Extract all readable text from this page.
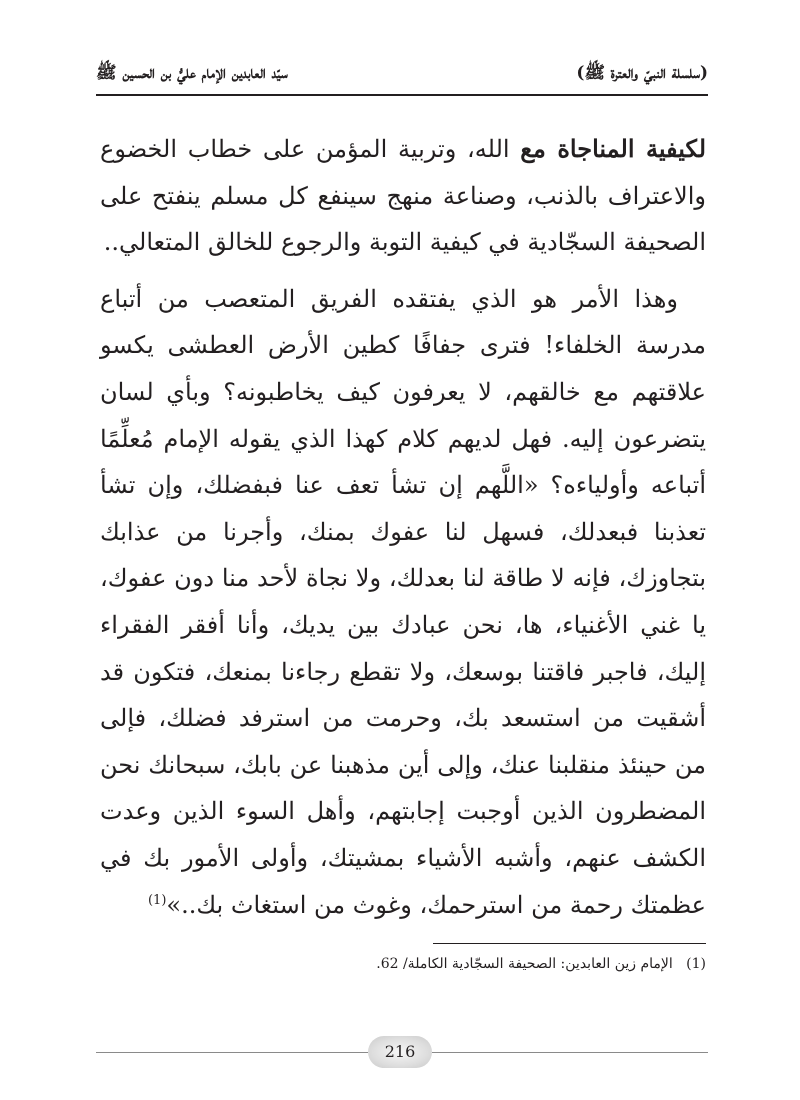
(سلسلة النبيّ والعترة ﷺ)
سيّد العابدين الإمام عليُّ بن الحسين ﷺ

لكيفية المناجاة مع الله، وتربية المؤمن على خطاب الخضوع والاعتراف بالذنب، وصناعة منهج سينفع كل مسلم ينفتح على الصحيفة السجّادية في كيفية التوبة والرجوع للخالق المتعالي..

وهذا الأمر هو الذي يفتقده الفريق المتعصب من أتباع مدرسة الخلفاء! فترى جفافًا كطين الأرض العطشى يكسو علاقتهم مع خالقهم، لا يعرفون كيف يخاطبونه؟ وبأي لسان يتضرعون إليه. فهل لديهم كلام كهذا الذي يقوله الإمام مُعلِّمًا أتباعه وأولياءه؟ «اللَّهم إن تشأ تعف عنا فبفضلك، وإن تشأ تعذبنا فبعدلك، فسهل لنا عفوك بمنك، وأجرنا من عذابك بتجاوزك، فإنه لا طاقة لنا بعدلك، ولا نجاة لأحد منا دون عفوك، يا غني الأغنياء، ها، نحن عبادك بين يديك، وأنا أفقر الفقراء إليك، فاجبر فاقتنا بوسعك، ولا تقطع رجاءنا بمنعك، فتكون قد أشقيت من استسعد بك، وحرمت من استرفد فضلك، فإلى من حينئذ منقلبنا عنك، وإلى أين مذهبنا عن بابك، سبحانك نحن المضطرون الذين أوجبت إجابتهم، وأهل السوء الذين وعدت الكشف عنهم، وأشبه الأشياء بمشيتك، وأولى الأمور بك في عظمتك رحمة من استرحمك، وغوث من استغاث بك..»$^{(1)}$

(1)   الإمام زين العابدين: الصحيفة السجّادية الكاملة/ 62.
216
